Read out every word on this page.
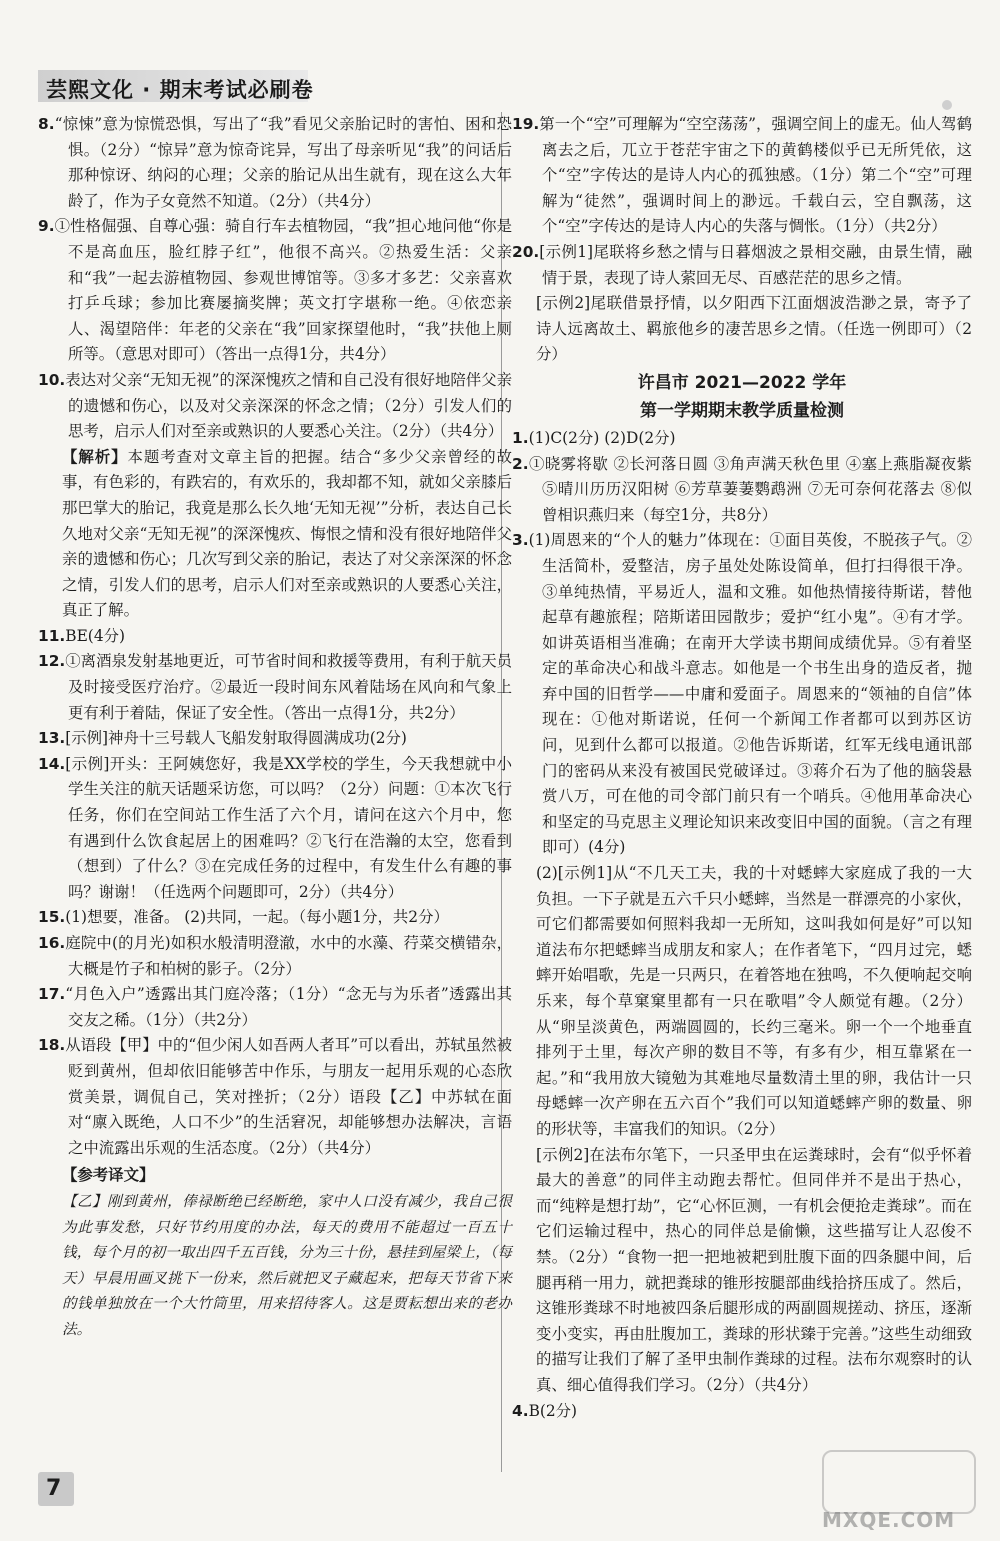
芸熙文化 · 期末考试必刷卷

8.“惊悚”意为惊慌恐惧，写出了“我”看见父亲胎记时的害怕、困和恐惧。（2分）“惊异”意为惊奇诧异，写出了母亲听见“我”的问话后那种惊讶、纳闷的心理；父亲的胎记从出生就有，现在这么大年龄了，作为子女竟然不知道。（2分）（共4分）

9.①性格倔强、自尊心强：骑自行车去植物园，“我”担心地问他“你是不是高血压，脸红脖子红”，他很不高兴。②热爱生活：父亲和“我”一起去游植物园、参观世博馆等。③多才多艺：父亲喜欢打乒乓球；参加比赛屡摘奖牌；英文打字堪称一绝。④依恋亲人、渴望陪伴：年老的父亲在“我”回家探望他时，“我”扶他上厕所等。（意思对即可）（答出一点得1分，共4分）

10.表达对父亲“无知无视”的深深愧疚之情和自己没有很好地陪伴父亲的遗憾和伤心，以及对父亲深深的怀念之情；（2分）引发人们的思考，启示人们对至亲或熟识的人要悉心关注。（2分）（共4分）

【解析】本题考查对文章主旨的把握。结合“多少父亲曾经的故事，有色彩的，有跌宕的，有欢乐的，我却都不知，就如父亲膝后那巴掌大的胎记，我竟是那么长久地‘无知无视’”分析，表达自己长久地对父亲“无知无视”的深深愧疚、悔恨之情和没有很好地陪伴父亲的遗憾和伤心；几次写到父亲的胎记，表达了对父亲深深的怀念之情，引发人们的思考，启示人们对至亲或熟识的人要悉心关注，真正了解。

11.BE(4分)

12.①离酒泉发射基地更近，可节省时间和救援等费用，有利于航天员及时接受医疗治疗。②最近一段时间东风着陆场在风向和气象上更有利于着陆，保证了安全性。（答出一点得1分，共2分）

13.[示例]神舟十三号载人飞船发射取得圆满成功(2分)

14.[示例]开头：王阿姨您好，我是XX学校的学生，今天我想就中小学生关注的航天话题采访您，可以吗？（2分）问题：①本次飞行任务，你们在空间站工作生活了六个月，请问在这六个月中，您有遇到什么饮食起居上的困难吗？②飞行在浩瀚的太空，您看到（想到）了什么？③在完成任务的过程中，有发生什么有趣的事吗？谢谢！（任选两个问题即可，2分）（共4分）

15.(1)想要，准备。 (2)共同，一起。（每小题1分，共2分）

16.庭院中(的月光)如积水般清明澄澈，水中的水藻、荇菜交横错杂，大概是竹子和柏树的影子。（2分）

17.“月色入户”透露出其门庭冷落；（1分）“念无与为乐者”透露出其交友之稀。（1分）（共2分）

18.从语段【甲】中的“但少闲人如吾两人者耳”可以看出，苏轼虽然被贬到黄州，但却依旧能够苦中作乐，与朋友一起用乐观的心态欣赏美景，调侃自己，笑对挫折；（2分）语段【乙】中苏轼在面对“廪入既绝，人口不少”的生活窘况，却能够想办法解决，言语之中流露出乐观的生活态度。（2分）（共4分）

【参考译文】

【乙】刚到黄州，俸禄断绝已经断绝，家中人口没有减少，我自己很为此事发愁，只好节约用度的办法，每天的费用不能超过一百五十钱，每个月的初一取出四千五百钱，分为三十份，悬挂到屋梁上，（每天）早晨用画叉挑下一份来，然后就把叉子藏起来，把每天节省下来的钱单独放在一个大竹筒里，用来招待客人。这是贾耘想出来的老办法。

19.第一个“空”可理解为“空空荡荡”，强调空间上的虚无。仙人驾鹤离去之后，兀立于苍茫宇宙之下的黄鹤楼似乎已无所凭依，这个“空”字传达的是诗人内心的孤独感。（1分）第二个“空”可理解为“徒然”，强调时间上的渺远。千载白云，空自飘荡，这个“空”字传达的是诗人内心的失落与惆怅。（1分）（共2分）

20.[示例1]尾联将乡愁之情与日暮烟波之景相交融，由景生情，融情于景，表现了诗人萦回无尽、百感茫茫的思乡之情。

[示例2]尾联借景抒情，以夕阳西下江面烟波浩渺之景，寄予了诗人远离故土、羁旅他乡的凄苦思乡之情。（任选一例即可）（2分）

许昌市 2021—2022 学年
第一学期期末教学质量检测

1.(1)C(2分) (2)D(2分)

2.①晓雾将歇 ②长河落日圆 ③角声满天秋色里 ④塞上燕脂凝夜紫 ⑤晴川历历汉阳树 ⑥芳草萋萋鹦鹉洲 ⑦无可奈何花落去 ⑧似曾相识燕归来（每空1分，共8分）

3.(1)周恩来的“个人的魅力”体现在：①面目英俊，不脱孩子气。②生活简朴，爱整洁，房子虽处处陈设简单，但打扫得很干净。③单纯热情，平易近人，温和文雅。如他热情接待斯诺，替他起草有趣旅程；陪斯诺田园散步；爱护“红小鬼”。④有才学。如讲英语相当准确；在南开大学读书期间成绩优异。⑤有着坚定的革命决心和战斗意志。如他是一个书生出身的造反者，抛弃中国的旧哲学——中庸和爱面子。周恩来的“领袖的自信”体现在：①他对斯诺说，任何一个新闻工作者都可以到苏区访问，见到什么都可以报道。②他告诉斯诺，红军无线电通讯部门的密码从来没有被国民党破译过。③蒋介石为了他的脑袋悬赏八万，可在他的司令部门前只有一个哨兵。④他用革命决心和坚定的马克思主义理论知识来改变旧中国的面貌。（言之有理即可）(4分)

(2)[示例1]从“不几天工夫，我的十对蟋蟀大家庭成了我的一大负担。一下子就是五六千只小蟋蟀，当然是一群漂亮的小家伙，可它们都需要如何照料我却一无所知，这叫我如何是好”可以知道法布尔把蟋蟀当成朋友和家人；在作者笔下，“四月过完，蟋蟀开始唱歌，先是一只两只，在着答地在独鸣，不久便响起交响乐来，每个草窠窠里都有一只在歌唱”令人颇觉有趣。（2分）从“卵呈淡黄色，两端圆圆的，长约三毫米。卵一个一个地垂直排列于土里，每次产卵的数目不等，有多有少，相互靠紧在一起。”和“我用放大镜勉为其难地尽量数清土里的卵，我估计一只母蟋蟀一次产卵在五六百个”我们可以知道蟋蟀产卵的数量、卵的形状等，丰富我们的知识。（2分）

[示例2]在法布尔笔下，一只圣甲虫在运粪球时，会有“似乎怀着最大的善意”的同伴主动跑去帮忙。但同伴并不是出于热心，而“纯粹是想打劫”，它“心怀叵测，一有机会便抢走粪球”。而在它们运输过程中，热心的同伴总是偷懒，这些描写让人忍俊不禁。（2分）“食物一把一把地被耙到肚腹下面的四条腿中间，后腿再稍一用力，就把粪球的锥形按腿部曲线拾挤压成了。然后，这锥形粪球不时地被四条后腿形成的两副圆规搓动、挤压，逐渐变小变实，再由肚腹加工，粪球的形状臻于完善。”这些生动细致的描写让我们了解了圣甲虫制作粪球的过程。法布尔观察时的认真、细心值得我们学习。（2分）（共4分）

4.B(2分)

7
MXQE.COM
